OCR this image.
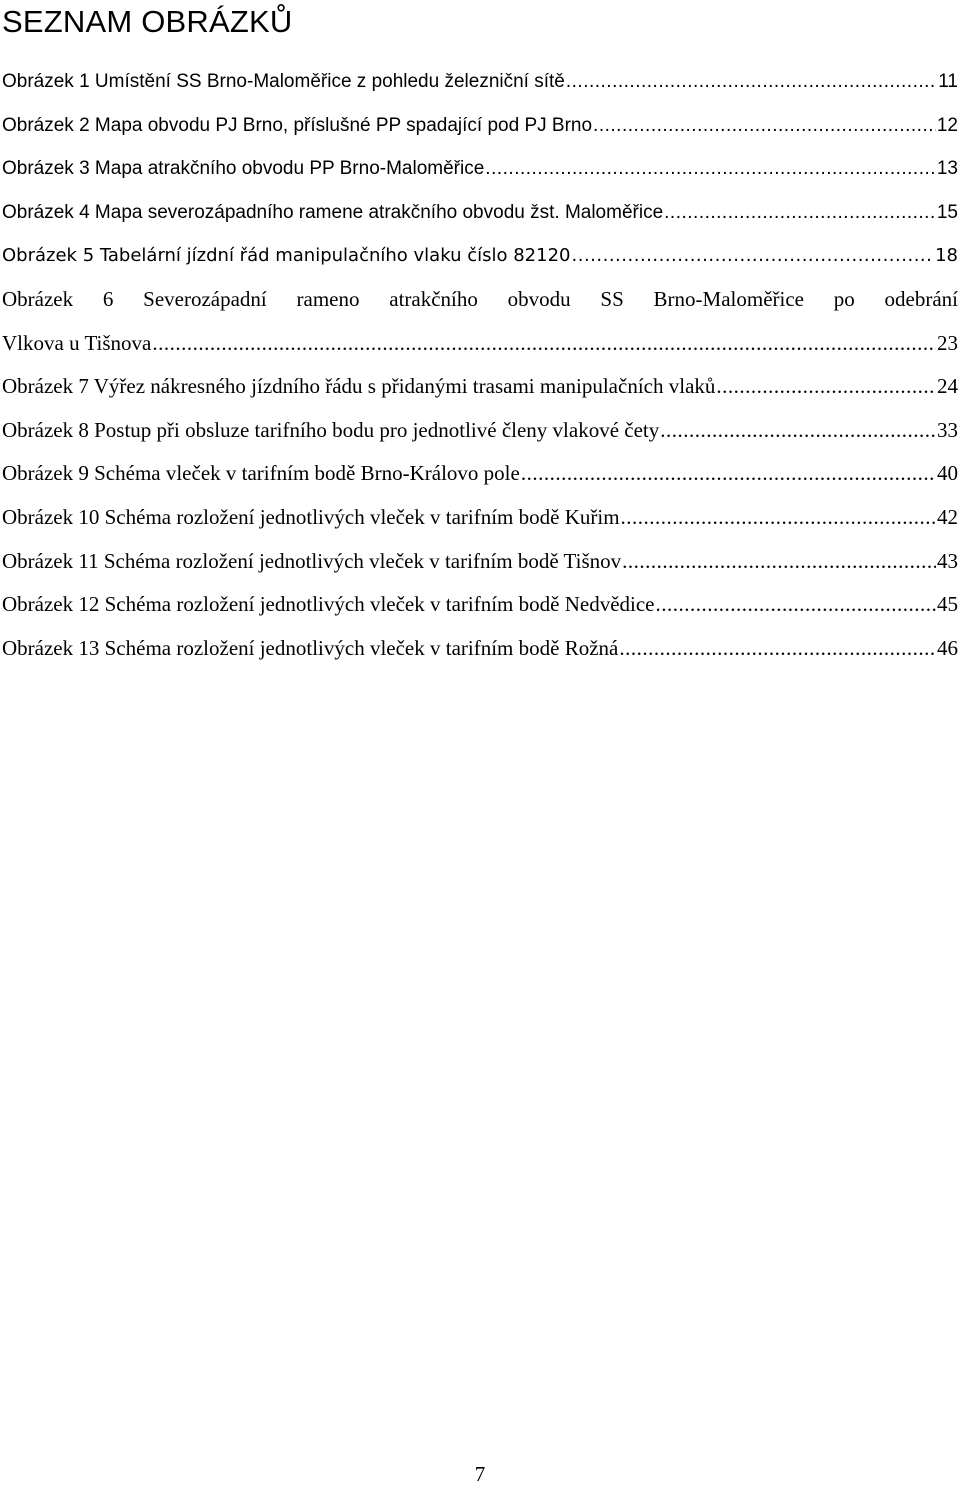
SEZNAM OBRÁZKŮ
Obrázek 1 Umístění SS Brno-Maloměřice z pohledu železniční sítě .....	11
Obrázek 2 Mapa obvodu PJ Brno, příslušné PP spadající pod PJ Brno .....	12
Obrázek 3 Mapa atrakčního obvodu PP Brno-Maloměřice .....	13
Obrázek 4 Mapa severozápadního ramene atrakčního obvodu žst. Maloměřice .....	15
Obrázek 5 Tabelární jízdní řád manipulačního vlaku číslo 82120 .....	18
Obrázek 6 Severozápadní rameno atrakčního obvodu SS Brno-Maloměřice po odebrání
Vlkova u Tišnova .....	23
Obrázek 7 Výřez nákresného jízdního řádu s přidanými trasami manipulačních vlaků .....	24
Obrázek 8 Postup při obsluze tarifního bodu pro jednotlivé členy vlakové čety .....	33
Obrázek 9 Schéma vleček v tarifním bodě Brno-Královo pole .....	40
Obrázek 10 Schéma rozložení jednotlivých vleček v tarifním bodě Kuřim .....	42
Obrázek 11 Schéma rozložení jednotlivých vleček v tarifním bodě Tišnov .....	43
Obrázek 12 Schéma rozložení jednotlivých vleček v tarifním bodě Nedvědice .....	45
Obrázek 13 Schéma rozložení jednotlivých vleček v tarifním bodě Rožná .....	46
7
